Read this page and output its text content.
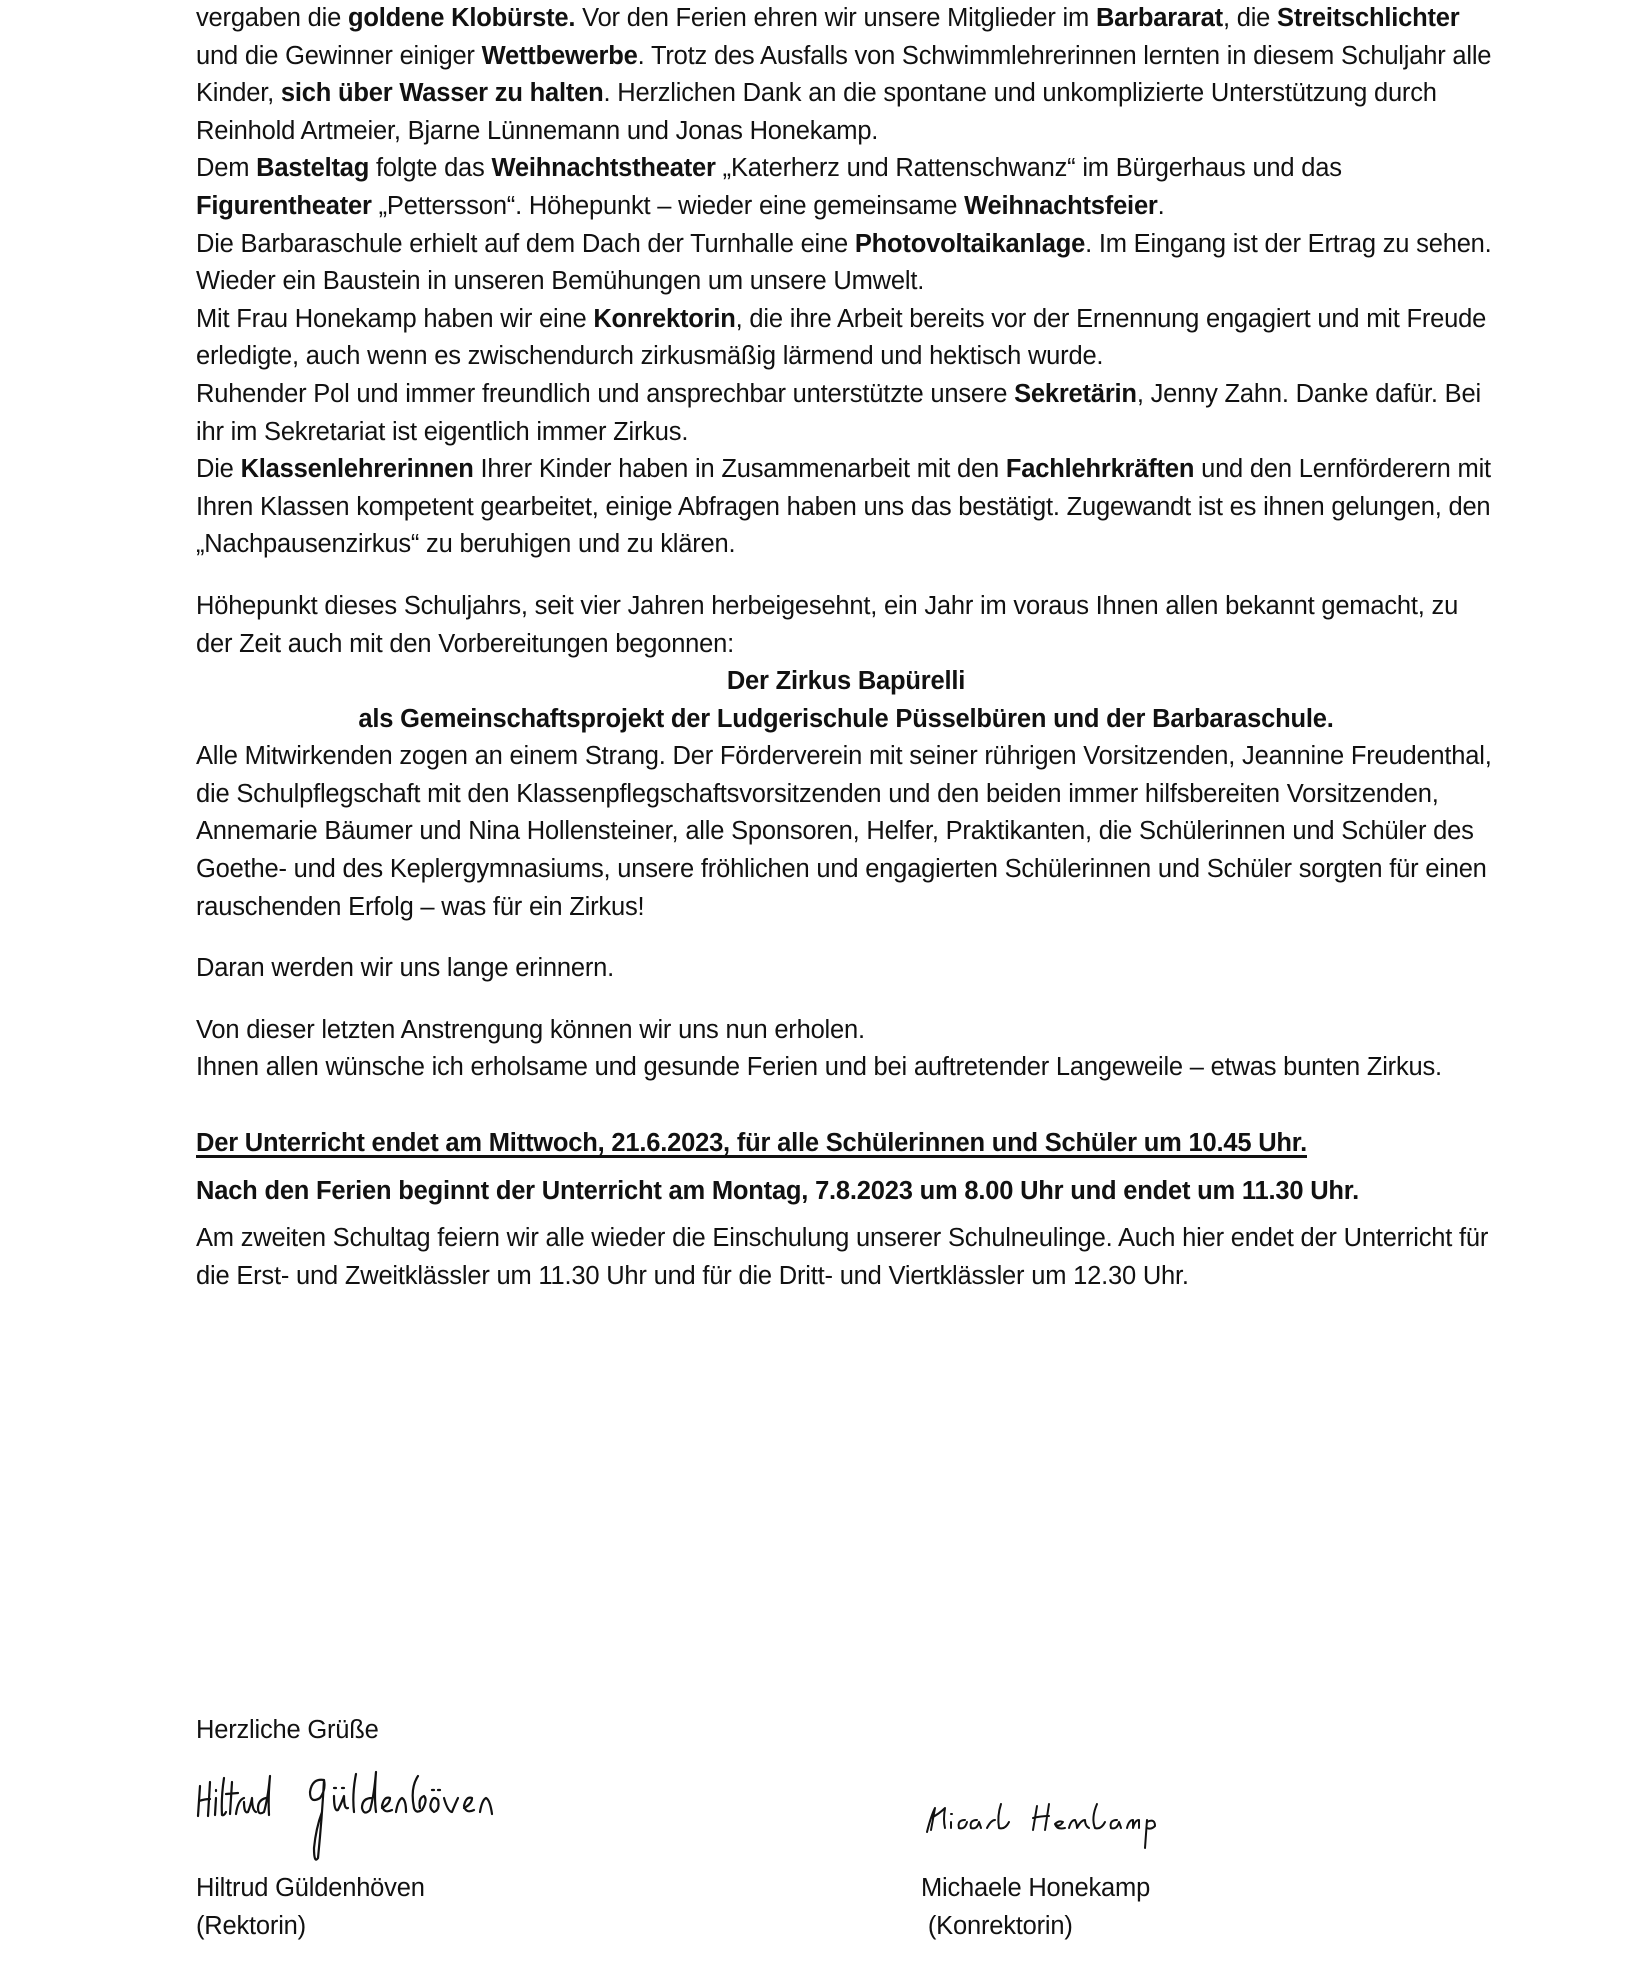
vergaben die goldene Klobürste. Vor den Ferien ehren wir unsere Mitglieder im Barbararat, die Streitschlichter und die Gewinner einiger Wettbewerbe. Trotz des Ausfalls von Schwimmlehrerinnen lernten in diesem Schuljahr alle Kinder, sich über Wasser zu halten. Herzlichen Dank an die spontane und unkomplizierte Unterstützung durch Reinhold Artmeier, Bjarne Lünnemann und Jonas Honekamp.

Dem Basteltag folgte das Weihnachtstheater „Katerherz und Rattenschwanz“ im Bürgerhaus und das Figurentheater „Pettersson“. Höhepunkt – wieder eine gemeinsame Weihnachtsfeier.

Die Barbaraschule erhielt auf dem Dach der Turnhalle eine Photovoltaikanlage. Im Eingang ist der Ertrag zu sehen. Wieder ein Baustein in unseren Bemühungen um unsere Umwelt.

Mit Frau Honekamp haben wir eine Konrektorin, die ihre Arbeit bereits vor der Ernennung engagiert und mit Freude erledigte, auch wenn es zwischendurch zirkusmäßig lärmend und hektisch wurde.

Ruhender Pol und immer freundlich und ansprechbar unterstützte unsere Sekretärin, Jenny Zahn. Danke dafür. Bei ihr im Sekretariat ist eigentlich immer Zirkus.

Die Klassenlehrerinnen Ihrer Kinder haben in Zusammenarbeit mit den Fachlehrkräften und den Lernförderern mit Ihren Klassen kompetent gearbeitet, einige Abfragen haben uns das bestätigt. Zugewandt ist es ihnen gelungen, den „Nachpausenzirkus“ zu beruhigen und zu klären.

Höhepunkt dieses Schuljahrs, seit vier Jahren herbeigesehnt, ein Jahr im voraus Ihnen allen bekannt gemacht, zu der Zeit auch mit den Vorbereitungen begonnen:

Der Zirkus Bapürelli

als Gemeinschaftsprojekt der Ludgerischule Püsselbüren und der Barbaraschule.

Alle Mitwirkenden zogen an einem Strang. Der Förderverein mit seiner rührigen Vorsitzenden, Jeannine Freudenthal, die Schulpflegschaft mit den Klassenpflegschaftsvorsitzenden und den beiden immer hilfsbereiten Vorsitzenden, Annemarie Bäumer und Nina Hollensteiner, alle Sponsoren, Helfer, Praktikanten, die Schülerinnen und Schüler des Goethe- und des Keplergymnasiums, unsere fröhlichen und engagierten Schülerinnen und Schüler sorgten für einen rauschenden Erfolg – was für ein Zirkus!

Daran werden wir uns lange erinnern.

Von dieser letzten Anstrengung können wir uns nun erholen.

Ihnen allen wünsche ich erholsame und gesunde Ferien und bei auftretender Langeweile – etwas bunten Zirkus.

Der Unterricht endet am Mittwoch, 21.6.2023, für alle Schülerinnen und Schüler um 10.45 Uhr.

Nach den Ferien beginnt der Unterricht am Montag, 7.8.2023 um 8.00 Uhr und endet um 11.30 Uhr.

Am zweiten Schultag feiern wir alle wieder die Einschulung unserer Schulneulinge. Auch hier endet der Unterricht für die Erst- und Zweitklässler um 11.30 Uhr und für die Dritt- und Viertklässler um 12.30 Uhr.

Herzliche Grüße
Hiltrud Güldenhöven
(Rektorin)
Michaele Honekamp
(Konrektorin)
